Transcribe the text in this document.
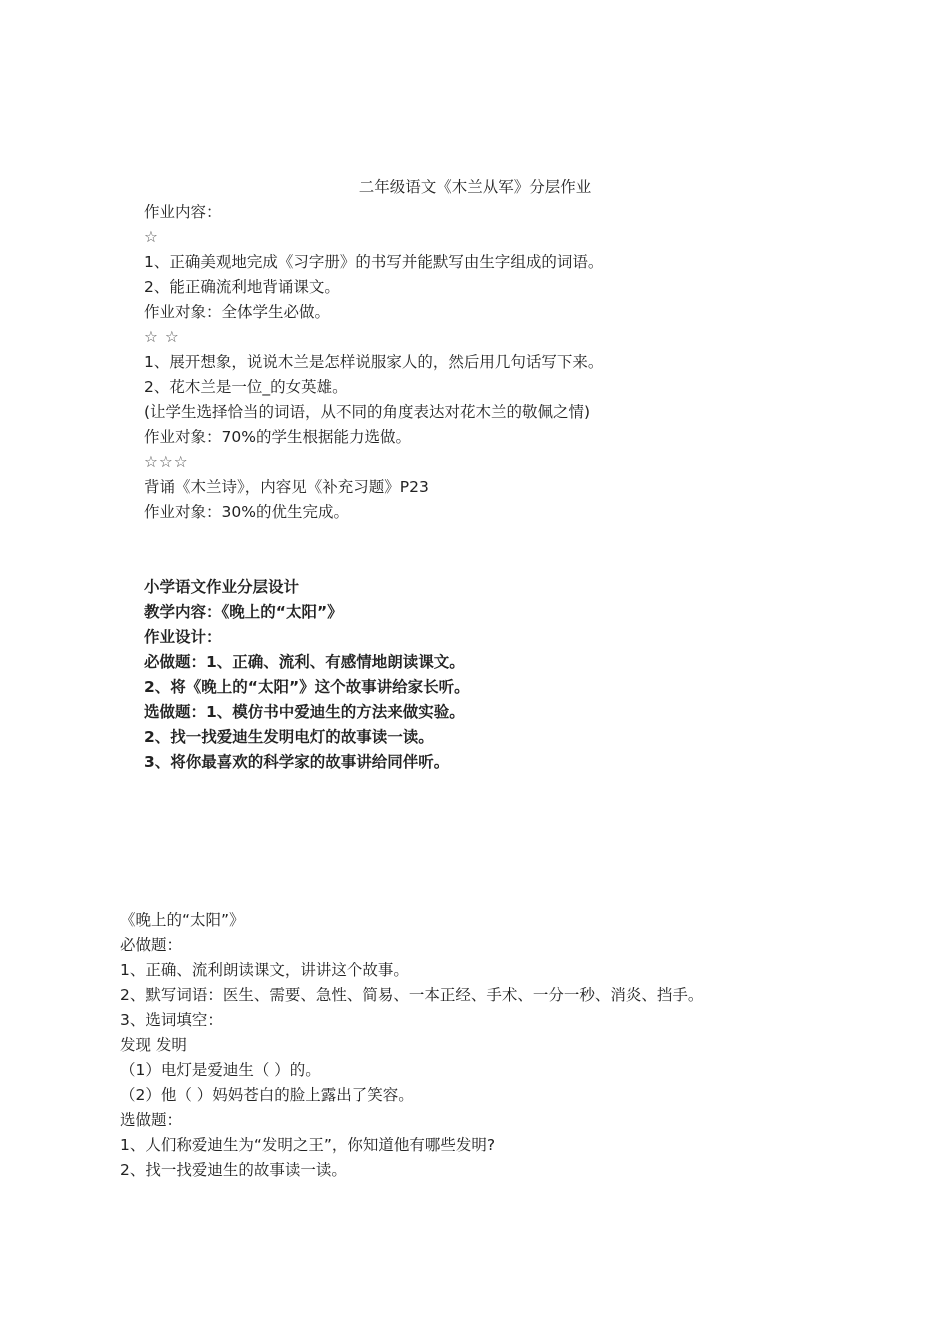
二年级语文《木兰从军》分层作业
作业内容：
☆
1、正确美观地完成《习字册》的书写并能默写由生字组成的词语。
2、能正确流利地背诵课文。
作业对象：全体学生必做。
☆ ☆
1、展开想象，说说木兰是怎样说服家人的，然后用几句话写下来。
2、花木兰是一位_的女英雄。
(让学生选择恰当的词语，从不同的角度表达对花木兰的敬佩之情)
作业对象：70%的学生根据能力选做。
☆☆☆
背诵《木兰诗》，内容见《补充习题》P23
作业对象：30%的优生完成。
小学语文作业分层设计
教学内容：《晚上的“太阳”》
作业设计：
必做题：1、正确、流利、有感情地朗读课文。
2、将《晚上的“太阳”》这个故事讲给家长听。
选做题：1、模仿书中爱迪生的方法来做实验。
2、找一找爱迪生发明电灯的故事读一读。
3、将你最喜欢的科学家的故事讲给同伴听。
《晚上的“太阳”》
必做题：
1、正确、流利朗读课文，讲讲这个故事。
2、默写词语：医生、需要、急性、简易、一本正经、手术、一分一秒、消炎、挡手。
3、选词填空：
发现 发明
（1）电灯是爱迪生（ ）的。
（2）他（ ）妈妈苍白的脸上露出了笑容。
选做题：
1、人们称爱迪生为“发明之王”，你知道他有哪些发明?
2、找一找爱迪生的故事读一读。
